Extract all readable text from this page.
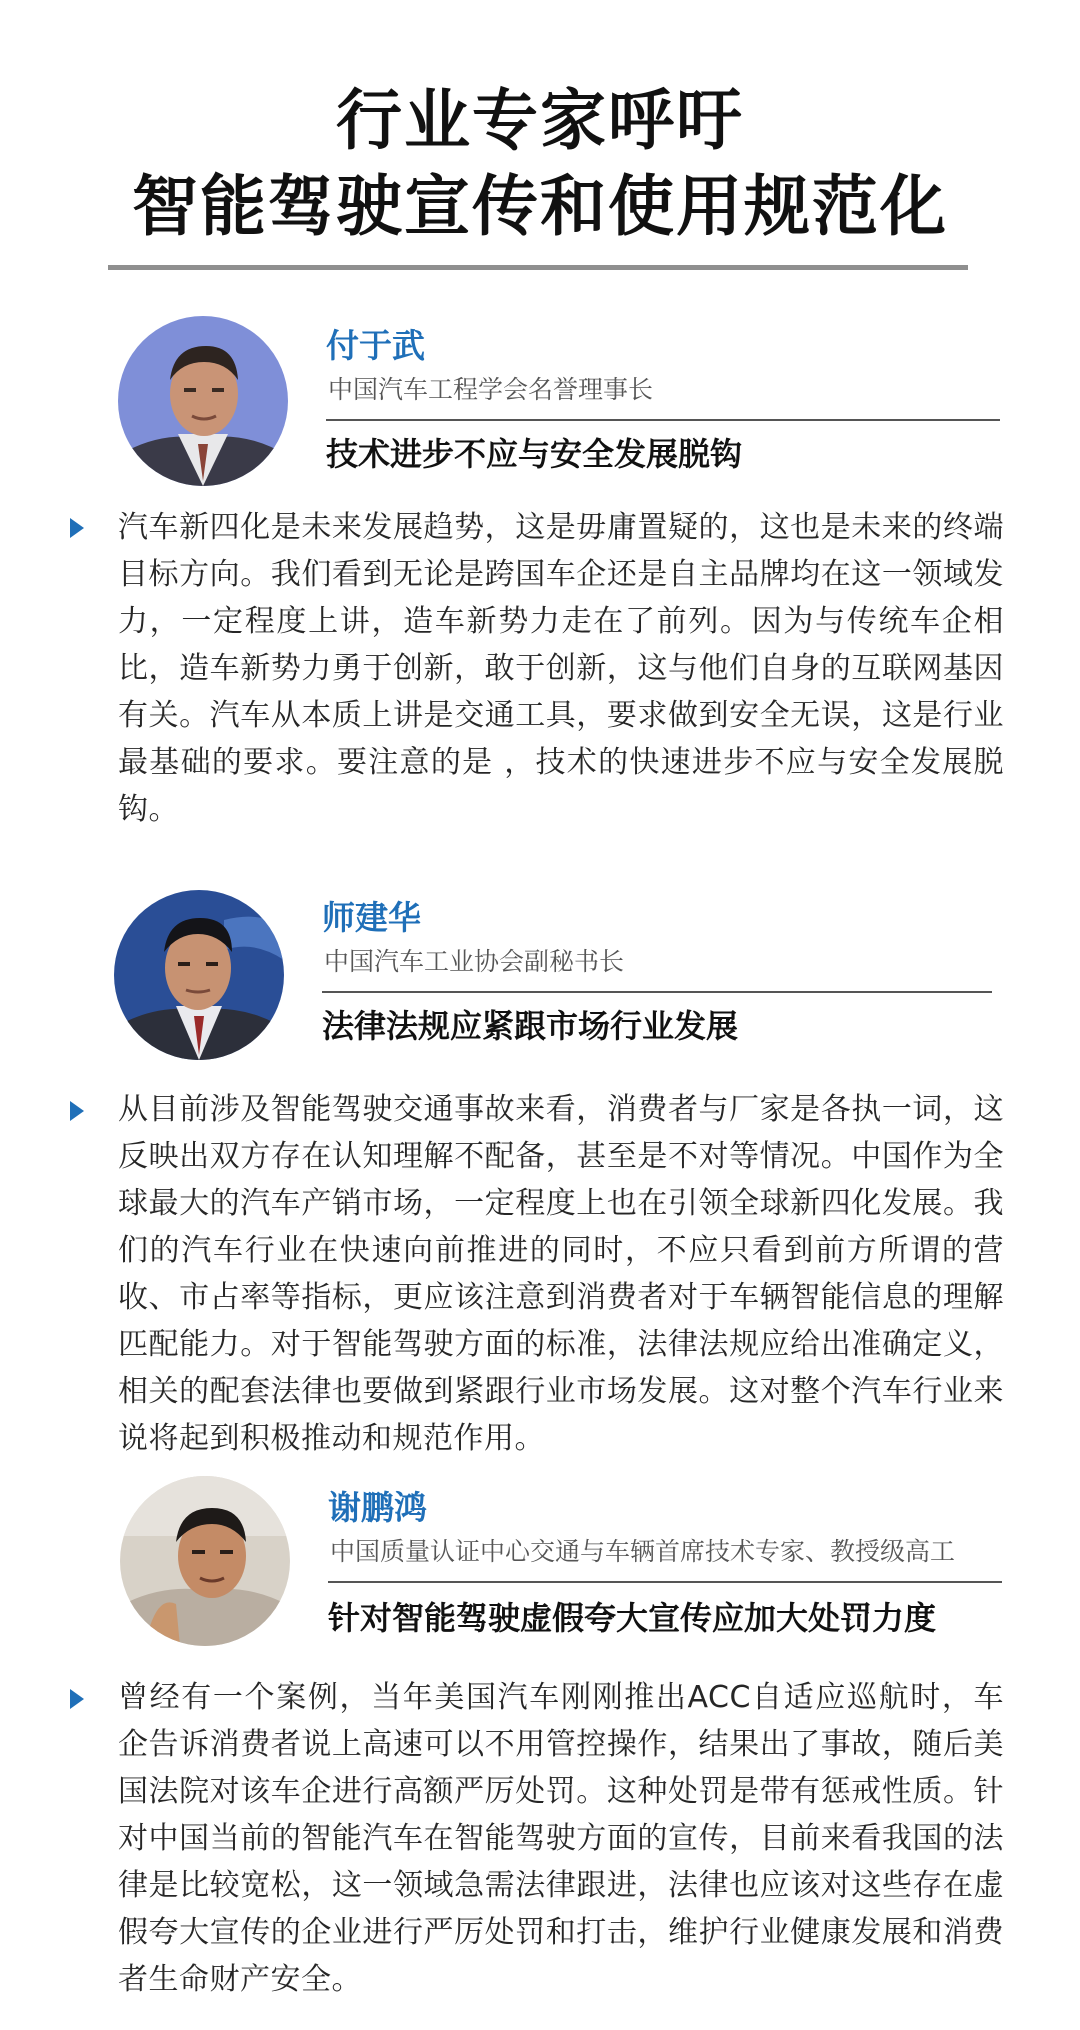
行业专家呼吁
智能驾驶宣传和使用规范化
付于武
中国汽车工程学会名誉理事长
技术进步不应与安全发展脱钩
汽车新四化是未来发展趋势，这是毋庸置疑的，这也是未来的终端目标方向。我们看到无论是跨国车企还是自主品牌均在这一领域发力，一定程度上讲，造车新势力走在了前列。因为与传统车企相比，造车新势力勇于创新，敢于创新，这与他们自身的互联网基因有关。汽车从本质上讲是交通工具，要求做到安全无误，这是行业最基础的要求。要注意的是 ，技术的快速进步不应与安全发展脱钩。
师建华
中国汽车工业协会副秘书长
法律法规应紧跟市场行业发展
从目前涉及智能驾驶交通事故来看，消费者与厂家是各执一词，这反映出双方存在认知理解不配备，甚至是不对等情况。中国作为全球最大的汽车产销市场，一定程度上也在引领全球新四化发展。我们的汽车行业在快速向前推进的同时，不应只看到前方所谓的营收、市占率等指标，更应该注意到消费者对于车辆智能信息的理解匹配能力。对于智能驾驶方面的标准，法律法规应给出准确定义，相关的配套法律也要做到紧跟行业市场发展。这对整个汽车行业来说将起到积极推动和规范作用。
谢鹏鸿
中国质量认证中心交通与车辆首席技术专家、教授级高工
针对智能驾驶虚假夸大宣传应加大处罚力度
曾经有一个案例，当年美国汽车刚刚推出ACC自适应巡航时，车企告诉消费者说上高速可以不用管控操作，结果出了事故，随后美国法院对该车企进行高额严厉处罚。这种处罚是带有惩戒性质。针对中国当前的智能汽车在智能驾驶方面的宣传，目前来看我国的法律是比较宽松，这一领域急需法律跟进，法律也应该对这些存在虚假夸大宣传的企业进行严厉处罚和打击，维护行业健康发展和消费者生命财产安全。
